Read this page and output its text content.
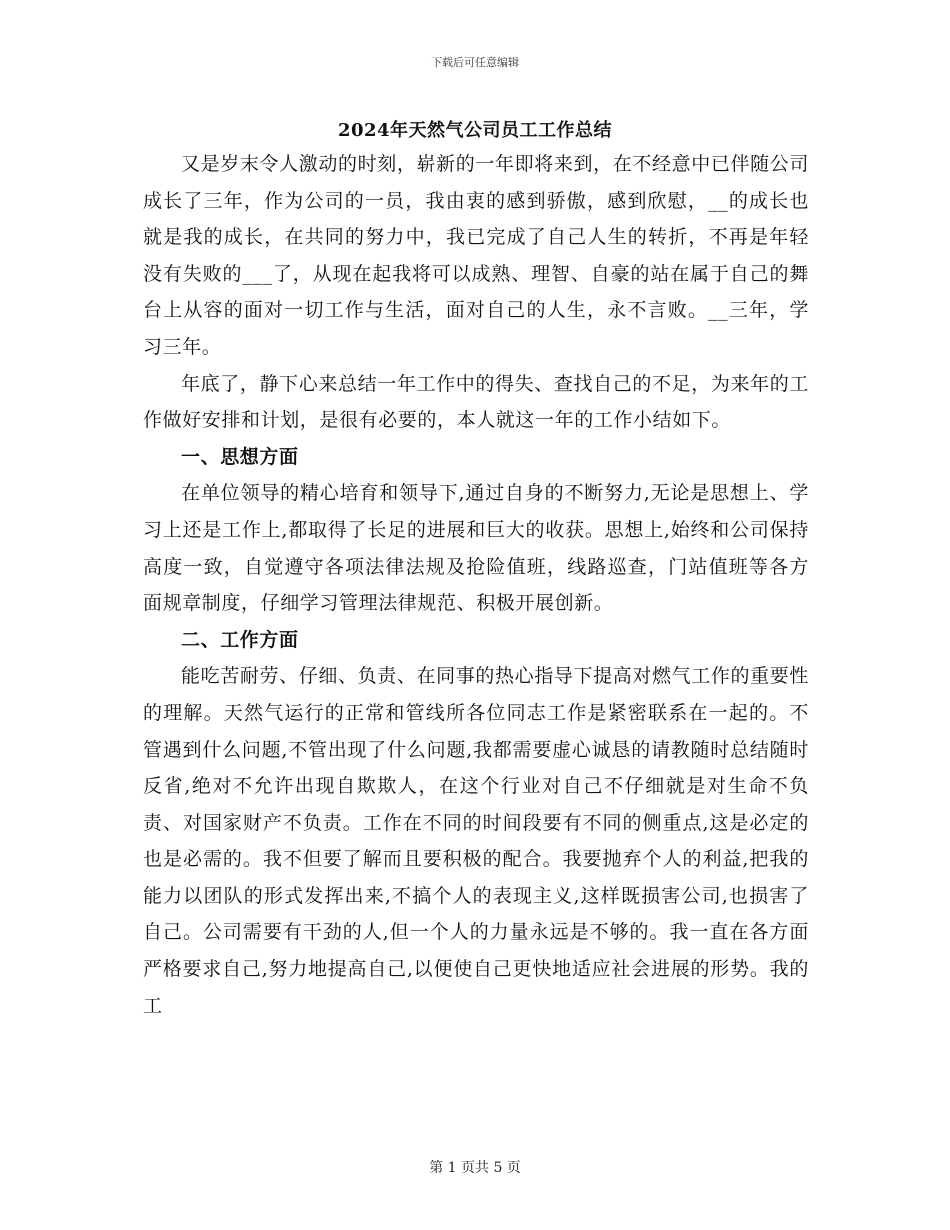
下载后可任意编辑
2024年天然气公司员工工作总结

又是岁末令人激动的时刻，崭新的一年即将来到，在不经意中已伴随公司成长了三年，作为公司的一员，我由衷的感到骄傲，感到欣慰，__的成长也就是我的成长，在共同的努力中，我已完成了自己人生的转折，不再是年轻没有失败的___了，从现在起我将可以成熟、理智、自豪的站在属于自己的舞台上从容的面对一切工作与生活，面对自己的人生，永不言败。__三年，学习三年。

年底了，静下心来总结一年工作中的得失、查找自己的不足，为来年的工作做好安排和计划，是很有必要的，本人就这一年的工作小结如下。

一、思想方面

在单位领导的精心培育和领导下,通过自身的不断努力,无论是思想上、学习上还是工作上,都取得了长足的进展和巨大的收获。思想上,始终和公司保持高度一致，自觉遵守各项法律法规及抢险值班，线路巡查，门站值班等各方面规章制度，仔细学习管理法律规范、积极开展创新。

二、工作方面

能吃苦耐劳、仔细、负责、在同事的热心指导下提高对燃气工作的重要性的理解。天然气运行的正常和管线所各位同志工作是紧密联系在一起的。不管遇到什么问题,不管出现了什么问题,我都需要虚心诚恳的请教随时总结随时反省,绝对不允许出现自欺欺人，在这个行业对自己不仔细就是对生命不负责、对国家财产不负责。工作在不同的时间段要有不同的侧重点,这是必定的也是必需的。我不但要了解而且要积极的配合。我要抛弃个人的利益,把我的能力以团队的形式发挥出来,不搞个人的表现主义,这样既损害公司,也损害了自己。公司需要有干劲的人,但一个人的力量永远是不够的。我一直在各方面严格要求自己,努力地提高自己,以便使自己更快地适应社会进展的形势。我的工

第 1 页共 5 页
